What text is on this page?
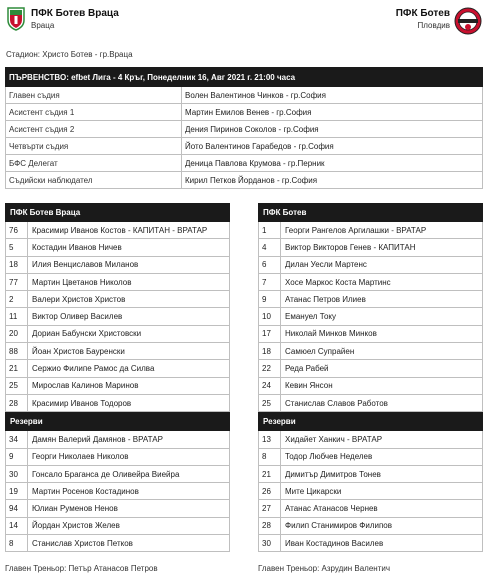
ПФК Ботев Враца
Враца
ПФК Ботев
Пловдив
Стадион: Христо Ботев - гр.Враца
ПЪРВЕНСТВО: efbet Лига - 4 Кръг, Понеделник 16, Авг 2021 г. 21:00 часа
Главен съдия	Волен Валентинов Чинков - гр.София
Асистент съдия 1	Мартин Емилов Венев - гр.София
Асистент съдия 2	Дения Пиринов Соколов - гр.София
Четвърти съдия	Йото Валентинов Гарабедов - гр.София
БФС Делегат	Деница Павлова Крумова - гр.Перник
Съдийски наблюдател	Кирил Петков Йорданов - гр.София
ПФК Ботев Враца
76	Красимир Иванов Костов - КАПИТАН - ВРАТАР
5	Костадин Иванов Ничев
18	Илия Венциславов Миланов
77	Мартин Цветанов Николов
2	Валери Христов Христов
11	Виктор Оливер Василев
20	Дориан Бабунски Христовски
88	Йоан Христов Бауренски
21	Сержио Филипе Рамос да Силва
25	Мирослав Калинов Маринов
28	Красимир Иванов Тодоров
Резерви
34	Дамян Валерий Дамянов - ВРАТАР
9	Георги Николаев Николов
30	Гонсало Браганса де Оливейра Виейра
19	Мартин Росенов Костадинов
94	Юлиан Руменов Ненов
14	Йордан Христов Желев
8	Станислав Христов Петков
ПФК Ботев
1	Георги Рангелов Аргилашки - ВРАТАР
4	Виктор Викторов Генев - КАПИТАН
6	Дилан Уесли Мартенс
7	Хосе Маркос Коста Мартинс
9	Атанас Петров Илиев
10	Емануел Току
17	Николай Минков Минков
18	Самюел Супрайен
22	Реда Рабей
24	Кевин Янсон
25	Станислав Славов Работов
Резерви
13	Хидайет Ханкич - ВРАТАР
8	Тодор Любчев Неделев
21	Димитър Димитров Тонев
26	Мите Цикарски
27	Атанас Атанасов Чернев
28	Филип Станимиров Филипов
30	Иван Костадинов Василев
Главен Треньор: Петър Атанасов Петров	Главен Треньор: Азрудин Валентич
